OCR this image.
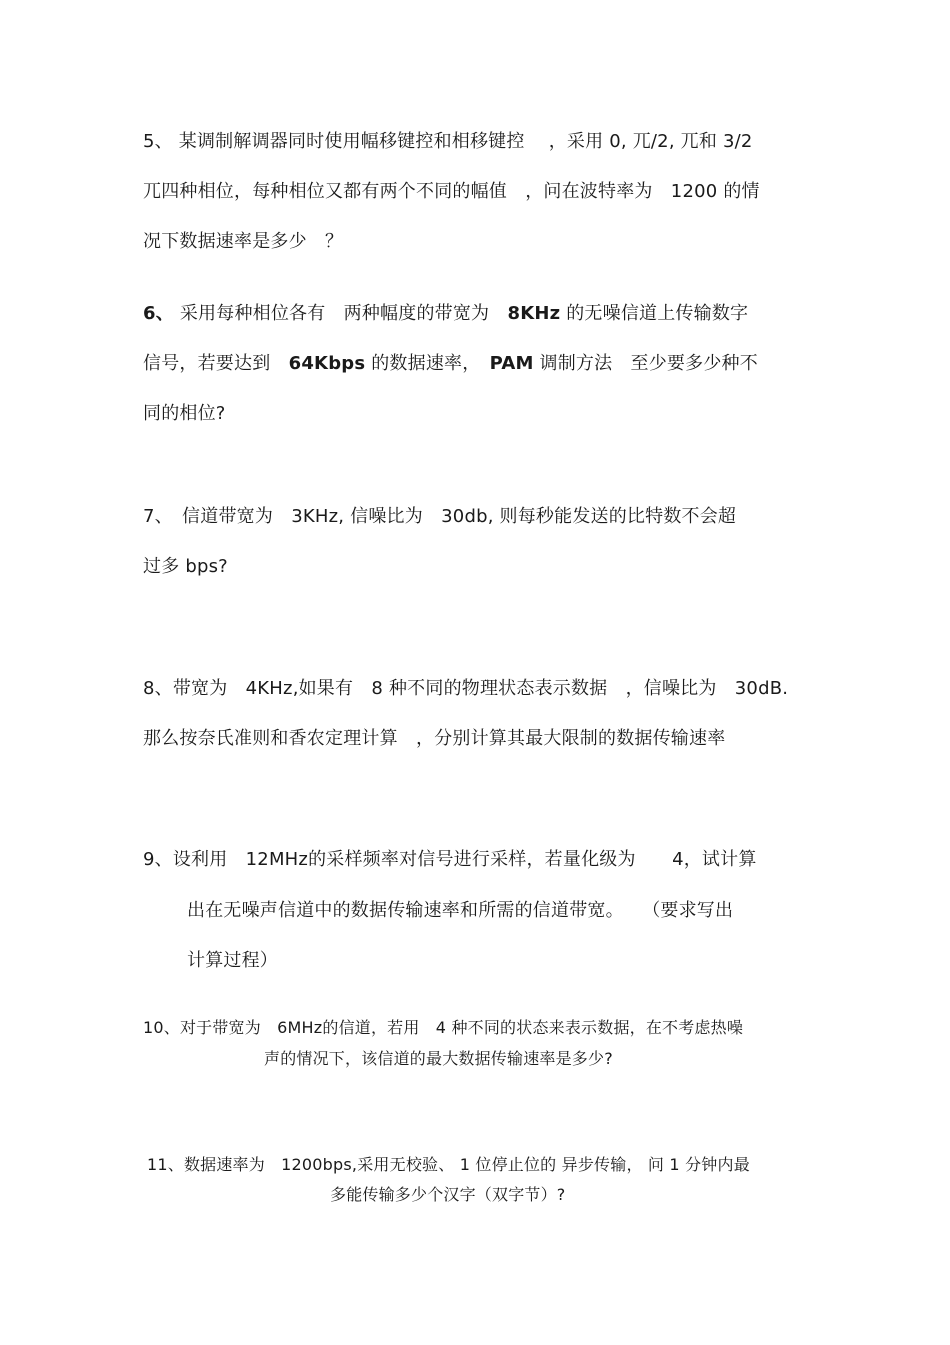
5、 某调制解调器同时使用幅移键控和相移键控　 ，采用 0, 兀/2, 兀和 3/2
兀四种相位，每种相位又都有两个不同的幅值　，问在波特率为　1200 的情
况下数据速率是多少　？
6、 采用每种相位各有　两种幅度的带宽为　8KHz 的无噪信道上传输数字
信号，若要达到　64Kbps 的数据速率，　PAM 调制方法　至少要多少种不
同的相位?
7、　信道带宽为　3KHz, 信噪比为　30db, 则每秒能发送的比特数不会超
过多 bps?
8、带宽为　4KHz,如果有　8 种不同的物理状态表示数据　，信噪比为　30dB.
那么按奈氏准则和香农定理计算　，分别计算其最大限制的数据传输速率
9、设利用　12MHz的采样频率对信号进行采样，若量化级为　　4，试计算
出在无噪声信道中的数据传输速率和所需的信道带宽。　　（要求写出
计算过程）
10、对于带宽为　6MHz的信道，若用　4 种不同的状态来表示数据，在不考虑热噪
声的情况下，该信道的最大数据传输速率是多少?
11、数据速率为　1200bps,采用无校验、 1 位停止位的 异步传输， 问 1 分钟内最
多能传输多少个汉字（双字节）?
